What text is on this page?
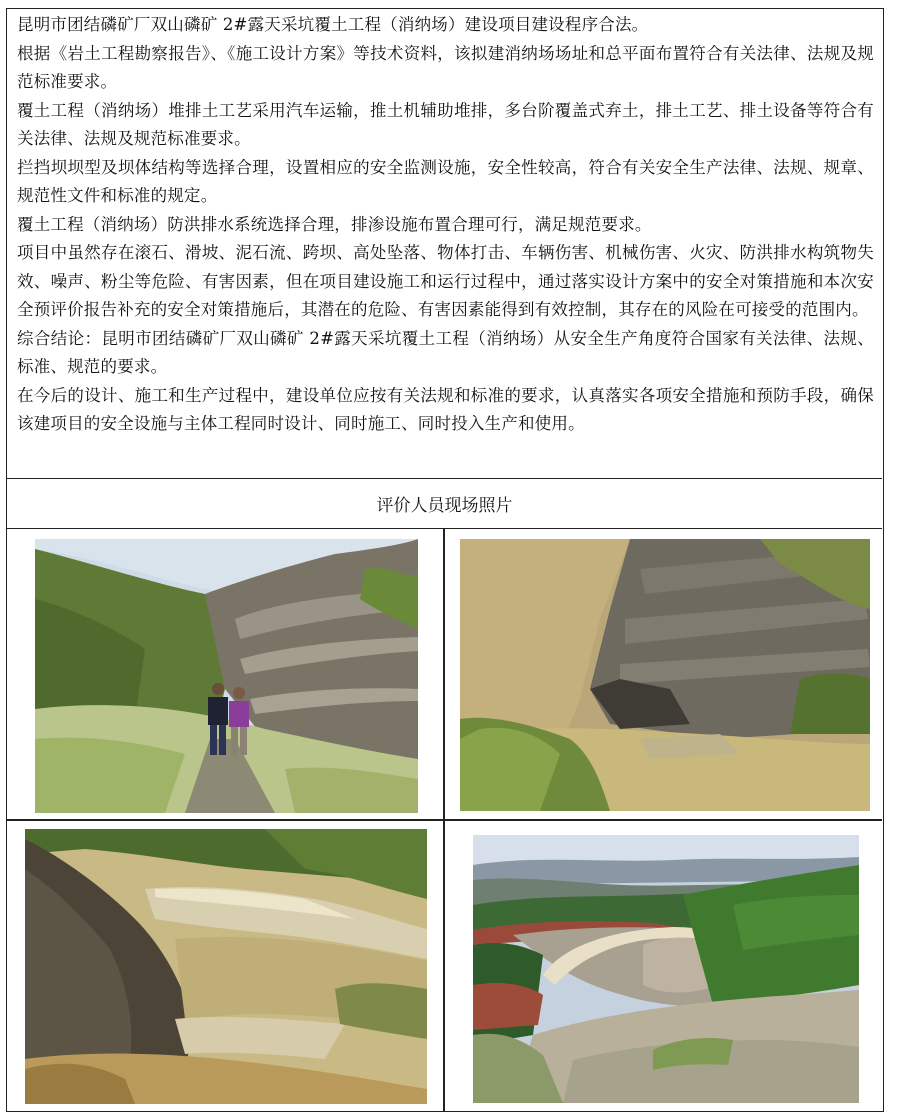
昆明市团结磷矿厂双山磷矿 2#露天采坑覆土工程（消纳场）建设项目建设程序合法。

根据《岩土工程勘察报告》、《施工设计方案》等技术资料，该拟建消纳场场址和总平面布置符合有关法律、法规及规范标准要求。

覆土工程（消纳场）堆排土工艺采用汽车运输，推土机辅助堆排，多台阶覆盖式弃土，排土工艺、排土设备等符合有关法律、法规及规范标准要求。

拦挡坝坝型及坝体结构等选择合理，设置相应的安全监测设施，安全性较高，符合有关安全生产法律、法规、规章、规范性文件和标准的规定。

覆土工程（消纳场）防洪排水系统选择合理，排渗设施布置合理可行，满足规范要求。

项目中虽然存在滚石、滑坡、泥石流、跨坝、高处坠落、物体打击、车辆伤害、机械伤害、火灾、防洪排水构筑物失效、噪声、粉尘等危险、有害因素，但在项目建设施工和运行过程中，通过落实设计方案中的安全对策措施和本次安全预评价报告补充的安全对策措施后，其潜在的危险、有害因素能得到有效控制，其存在的风险在可接受的范围内。

综合结论：昆明市团结磷矿厂双山磷矿 2#露天采坑覆土工程（消纳场）从安全生产角度符合国家有关法律、法规、标准、规范的要求。

在今后的设计、施工和生产过程中，建设单位应按有关法规和标准的要求，认真落实各项安全措施和预防手段，确保该建项目的安全设施与主体工程同时设计、同时施工、同时投入生产和使用。

评价人员现场照片
